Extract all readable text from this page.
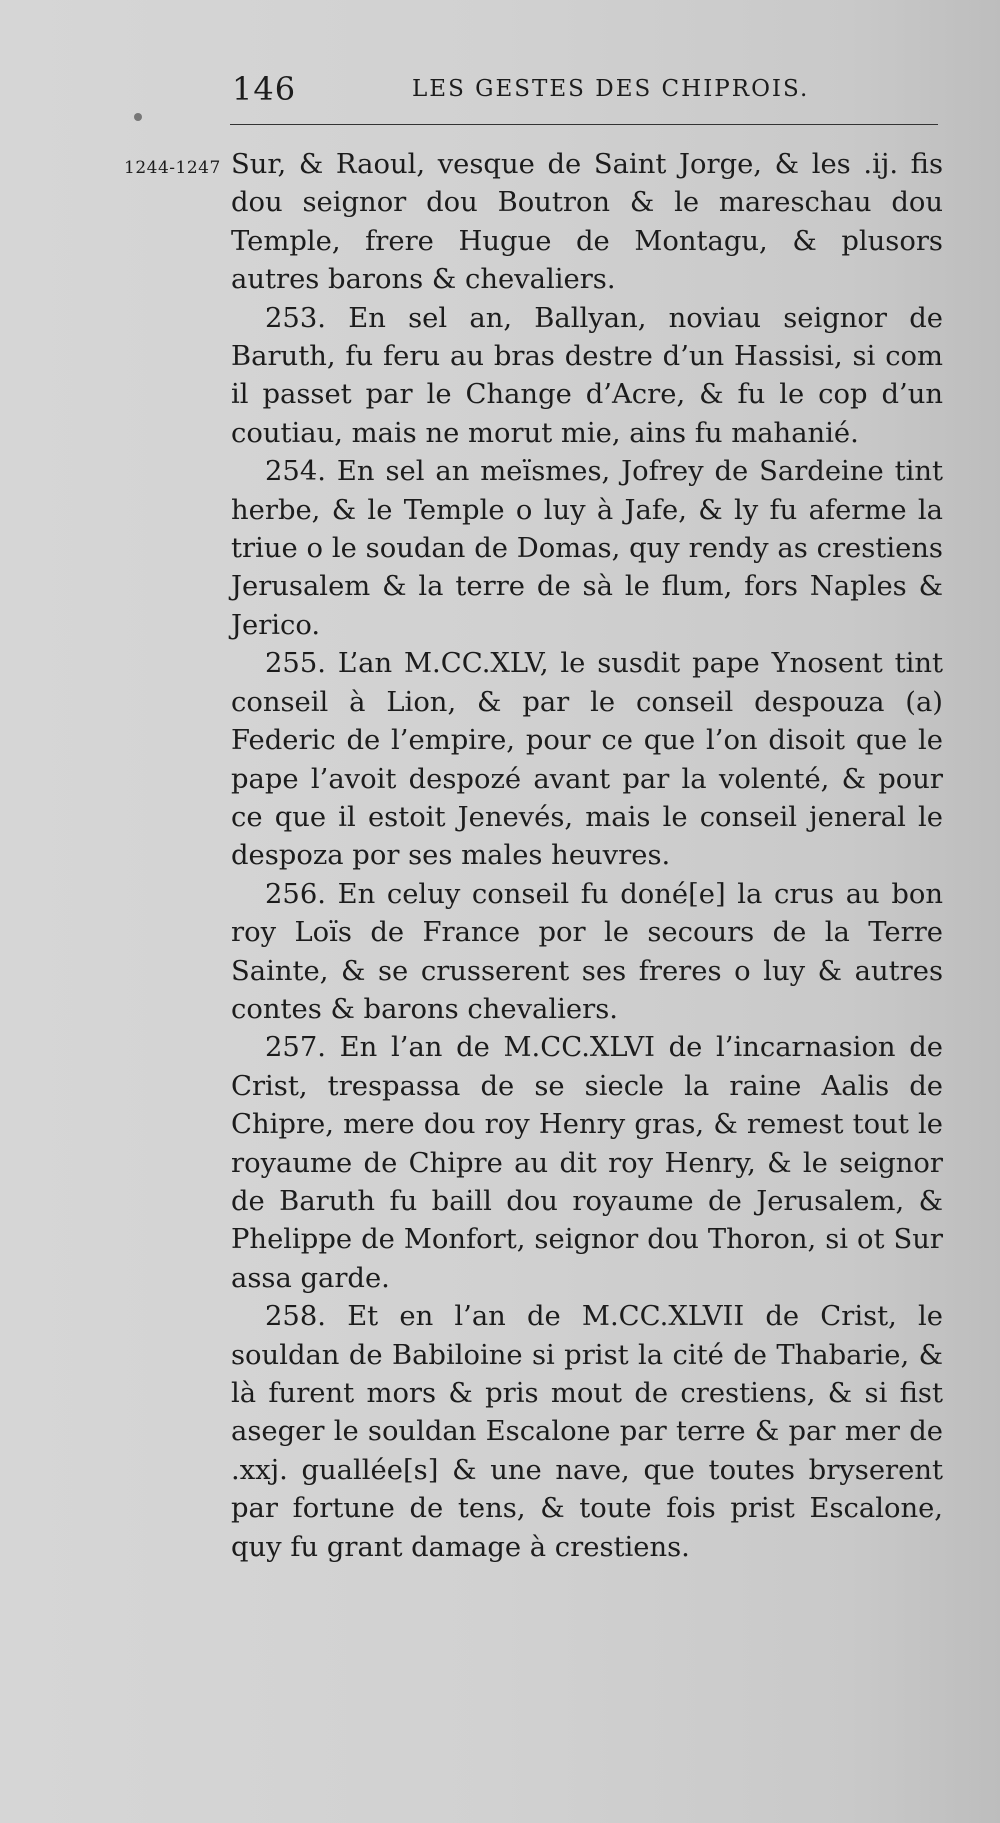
146	LES GESTES DES CHIPROIS.
1244-1247 Sur, & Raoul, vesque de Saint Jorge, & les .ij. fis dou seignor dou Boutron & le mareschau dou Temple, frere Hugue de Montagu, & plusors autres barons & chevaliers.

253. En sel an, Ballyan, noviau seignor de Baruth, fu feru au bras destre d’un Hassisi, si com il passet par le Change d’Acre, & fu le cop d’un coutiau, mais ne morut mie, ains fu mahanié.

254. En sel an meïsmes, Jofrey de Sardeine tint herbe, & le Temple o luy à Jafe, & ly fu aferme la triue o le soudan de Domas, quy rendy as crestiens Jerusalem & la terre de sà le flum, fors Naples & Jerico.

255. L’an M.CC.XLV, le susdit pape Ynosent tint conseil à Lion, & par le conseil despouza (a) Federic de l’empire, pour ce que l’on disoit que le pape l’avoit despozé avant par la volenté, & pour ce que il estoit Jenevés, mais le conseil jeneral le despoza por ses males heuvres.

256. En celuy conseil fu doné[e] la crus au bon roy Loïs de France por le secours de la Terre Sainte, & se crusserent ses freres o luy & autres contes & barons chevaliers.

257. En l’an de M.CC.XLVI de l’incarnasion de Crist, trespassa de se siecle la raine Aalis de Chipre, mere dou roy Henry gras, & remest tout le royaume de Chipre au dit roy Henry, & le seignor de Baruth fu baill dou royaume de Jerusalem, & Phelippe de Monfort, seignor dou Thoron, si ot Sur assa garde.

258. Et en l’an de M.CC.XLVII de Crist, le souldan de Babiloine si prist la cité de Thabarie, & là furent mors & pris mout de crestiens, & si fist aseger le souldan Escalone par terre & par mer de .xxj. guallée[s] & une nave, que toutes bryserent par fortune de tens, & toute fois prist Escalone, quy fu grant damage à crestiens.
